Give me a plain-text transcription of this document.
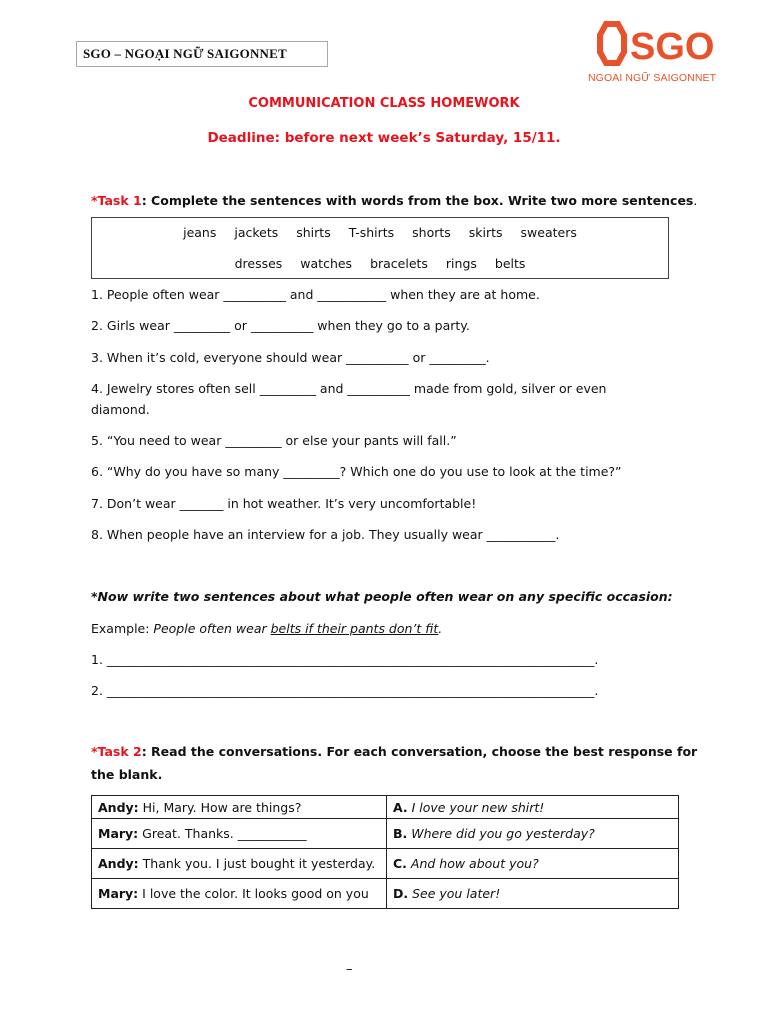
SGO – NGOẠI NGỮ SAIGONNET	SGO
NGOAI NGỮ SAIGONNET
COMMUNICATION CLASS HOMEWORK
Deadline: before next week’s Saturday, 15/11.
*Task 1: Complete the sentences with words from the box. Write two more sentences.
jeans jackets shirts T-shirts shorts skirts sweaters
dresses watches bracelets rings belts
1. People often wear __________ and ___________ when they are at home.
2. Girls wear _________ or __________ when they go to a party.
3. When it’s cold, everyone should wear __________ or _________.
4. Jewelry stores often sell _________ and __________ made from gold, silver or even
diamond.
5. “You need to wear _________ or else your pants will fall.”
6. “Why do you have so many _________? Which one do you use to look at the time?”
7. Don’t wear _______ in hot weather. It’s very uncomfortable!
8. When people have an interview for a job. They usually wear ___________.
*Now write two sentences about what people often wear on any specific occasion:
Example: People often wear belts if their pants don’t fit.
1. ______________________________________________________________________________.
2. ______________________________________________________________________________.
*Task 2: Read the conversations. For each conversation, choose the best response for
the blank.
Andy: Hi, Mary. How are things?	A. I love your new shirt!
Mary: Great. Thanks. ___________	B. Where did you go yesterday?
Andy: Thank you. I just bought it yesterday.	C. And how about you?
Mary: I love the color. It looks good on you	D. See you later!
–
